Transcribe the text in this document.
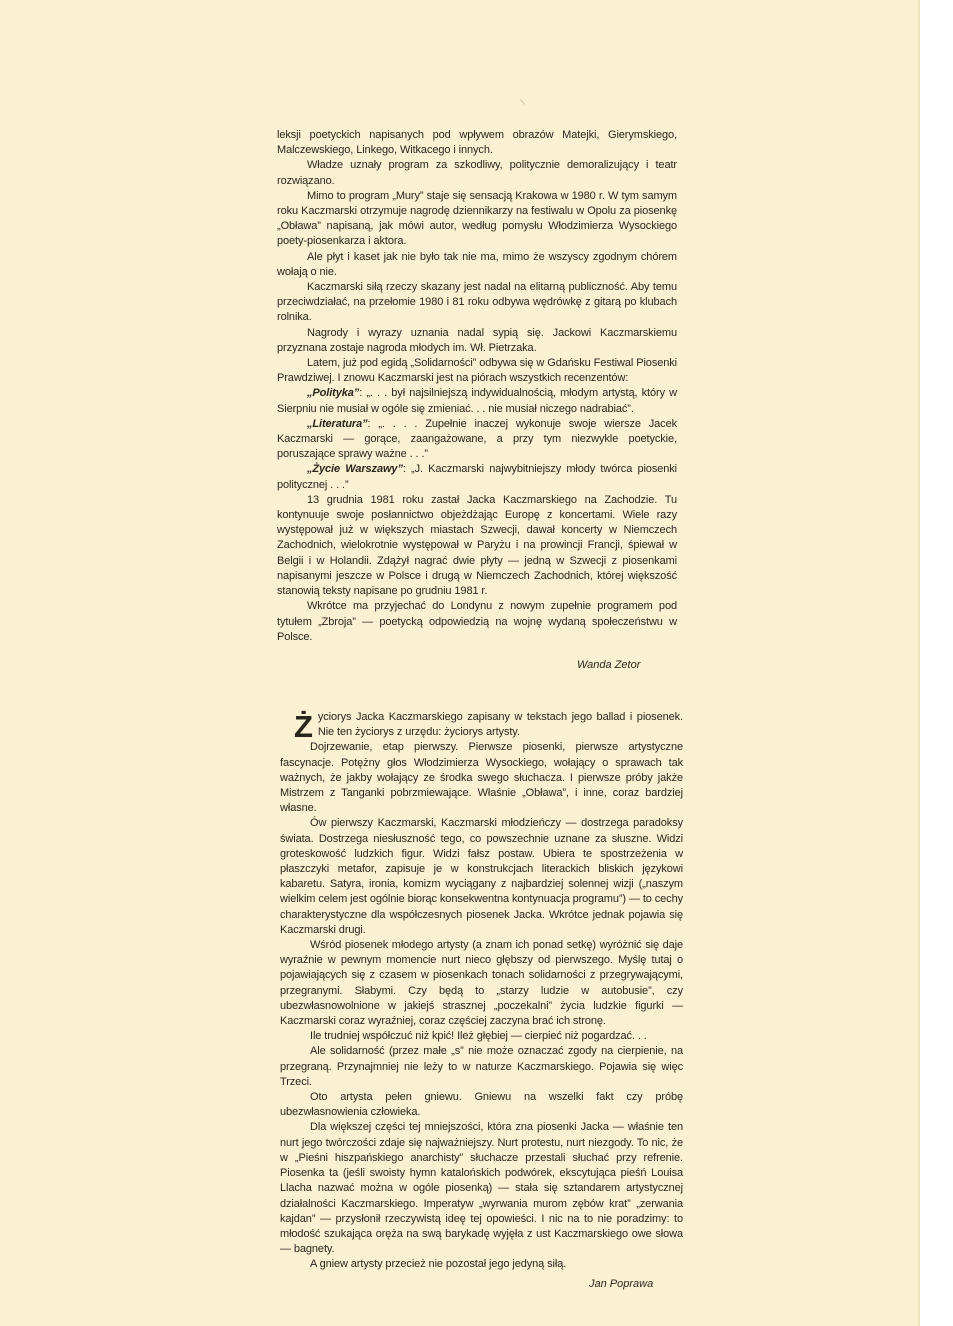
leksji poetyckich napisanych pod wpływem obrazów Matejki, Gierymskiego, Malczewskiego, Linkego, Witkacego i innych.

Władze uznały program za szkodliwy, politycznie demoralizujący i teatr rozwiązano.

Mimo to program „Mury” staje się sensacją Krakowa w 1980 r. W tym samym roku Kaczmarski otrzymuje nagrodę dziennikarzy na festiwalu w Opolu za piosenkę „Obława” napisaną, jak mówi autor, według pomysłu Włodzimierza Wysockiego poety-piosenkarza i aktora.

Ale płyt i kaset jak nie było tak nie ma, mimo że wszyscy zgodnym chórem wołają o nie.

Kaczmarski siłą rzeczy skazany jest nadal na elitarną publiczność. Aby temu przeciwdziałać, na przełomie 1980 i 81 roku odbywa wędrówkę z gitarą po klubach rolnika.

Nagrody i wyrazy uznania nadal sypią się. Jackowi Kaczmarskiemu przyznana zostaje nagroda młodych im. Wł. Pietrzaka.

Latem, już pod egidą „Solidarności” odbywa się w Gdańsku Festiwal Piosenki Prawdziwej. I znowu Kaczmarski jest na piórach wszystkich recenzentów:

„Polityka”: „. . . był najsilniejszą indywidualnością, młodym artystą, który w Sierpniu nie musiał w ogóle się zmieniać. . . nie musiał niczego nadrabiać”.

„Literatura”: „. . . . Zupełnie inaczej wykonuje swoje wiersze Jacek Kaczmarski — gorące, zaangażowane, a przy tym niezwykle poetyckie, poruszające sprawy ważne . . .”

„Życie Warszawy”: „J. Kaczmarski najwybitniejszy młody twórca piosenki politycznej . . .”

13 grudnia 1981 roku zastał Jacka Kaczmarskiego na Zachodzie. Tu kontynuuje swoje posłannictwo objeżdżając Europę z koncertami. Wiele razy występował już w większych miastach Szwecji, dawał koncerty w Niemczech Zachodnich, wielokrotnie występował w Paryżu i na prowincji Francji, śpiewał w Belgii i w Holandii. Zdążył nagrać dwie płyty — jedną w Szwecji z piosenkami napisanymi jeszcze w Polsce i drugą w Niemczech Zachodnich, której większość stanowią teksty napisane po grudniu 1981 r.

Wkrótce ma przyjechać do Londynu z nowym zupełnie programem pod tytułem „Zbroja” — poetycką odpowiedzią na wojnę wydaną społeczeństwu w Polsce.

Wanda Zetor

Życiorys Jacka Kaczmarskiego zapisany w tekstach jego ballad i piosenek. Nie ten życiorys z urzędu: życiorys artysty.

Dojrzewanie, etap pierwszy. Pierwsze piosenki, pierwsze artystyczne fascynacje. Potężny głos Włodzimierza Wysockiego, wołający o sprawach tak ważnych, że jakby wołający ze środka swego słuchacza. I pierwsze próby jakże Mistrzem z Tanganki pobrzmiewające. Właśnie „Obława”, i inne, coraz bardziej własne.

Ów pierwszy Kaczmarski, Kaczmarski młodzieńczy — dostrzega paradoksy świata. Dostrzega niesłuszność tego, co powszechnie uznane za słuszne. Widzi groteskowość ludzkich figur. Widzi fałsz postaw. Ubiera te spostrzeżenia w płaszczyki metafor, zapisuje je w konstrukcjach literackich bliskich językowi kabaretu. Satyra, ironia, komizm wyciągany z najbardziej solennej wizji („naszym wielkim celem jest ogólnie biorąc konsekwentna kontynuacja programu”) — to cechy charakterystyczne dla współczesnych piosenek Jacka. Wkrótce jednak pojawia się Kaczmarski drugi.

Wśród piosenek młodego artysty (a znam ich ponad setkę) wyróżnić się daje wyraźnie w pewnym momencie nurt nieco głębszy od pierwszego. Myślę tutaj o pojawiających się z czasem w piosenkach tonach solidarności z przegrywającymi, przegranymi. Słabymi. Czy będą to „starzy ludzie w autobusie”, czy ubezwłasnowolnione w jakiejś strasznej „poczekalni” życia ludzkie figurki — Kaczmarski coraz wyraźniej, coraz częściej zaczyna brać ich stronę.

Ile trudniej współczuć niż kpić! Ileż głębiej — cierpieć niż pogardzać. . .

Ale solidarność (przez małe „s” nie może oznaczać zgody na cierpienie, na przegraną. Przynajmniej nie leży to w naturze Kaczmarskiego. Pojawia się więc Trzeci.

Oto artysta pełen gniewu. Gniewu na wszelki fakt czy próbę ubezwłasnowienia człowieka.

Dla większej części tej mniejszości, która zna piosenki Jacka — właśnie ten nurt jego twórczości zdaje się najważniejszy. Nurt protestu, nurt niezgody. To nic, że w „Pieśni hiszpańskiego anarchisty” słuchacze przestali słuchać przy refrenie. Piosenka ta (jeśli swoisty hymn katalońskich podwórek, ekscytująca pieśń Louisa Llacha nazwać można w ogóle piosenką) — stała się sztandarem artystycznej działalności Kaczmarskiego. Imperatyw „wyrwania murom zębów krat” „zerwania kajdan” — przysłonił rzeczywistą ideę tej opowieści. I nic na to nie poradzimy: to młodość szukająca oręża na swą barykadę wyjęła z ust Kaczmarskiego owe słowa — bagnety.

A gniew artysty przecież nie pozostał jego jedyną siłą.

Jan Poprawa
